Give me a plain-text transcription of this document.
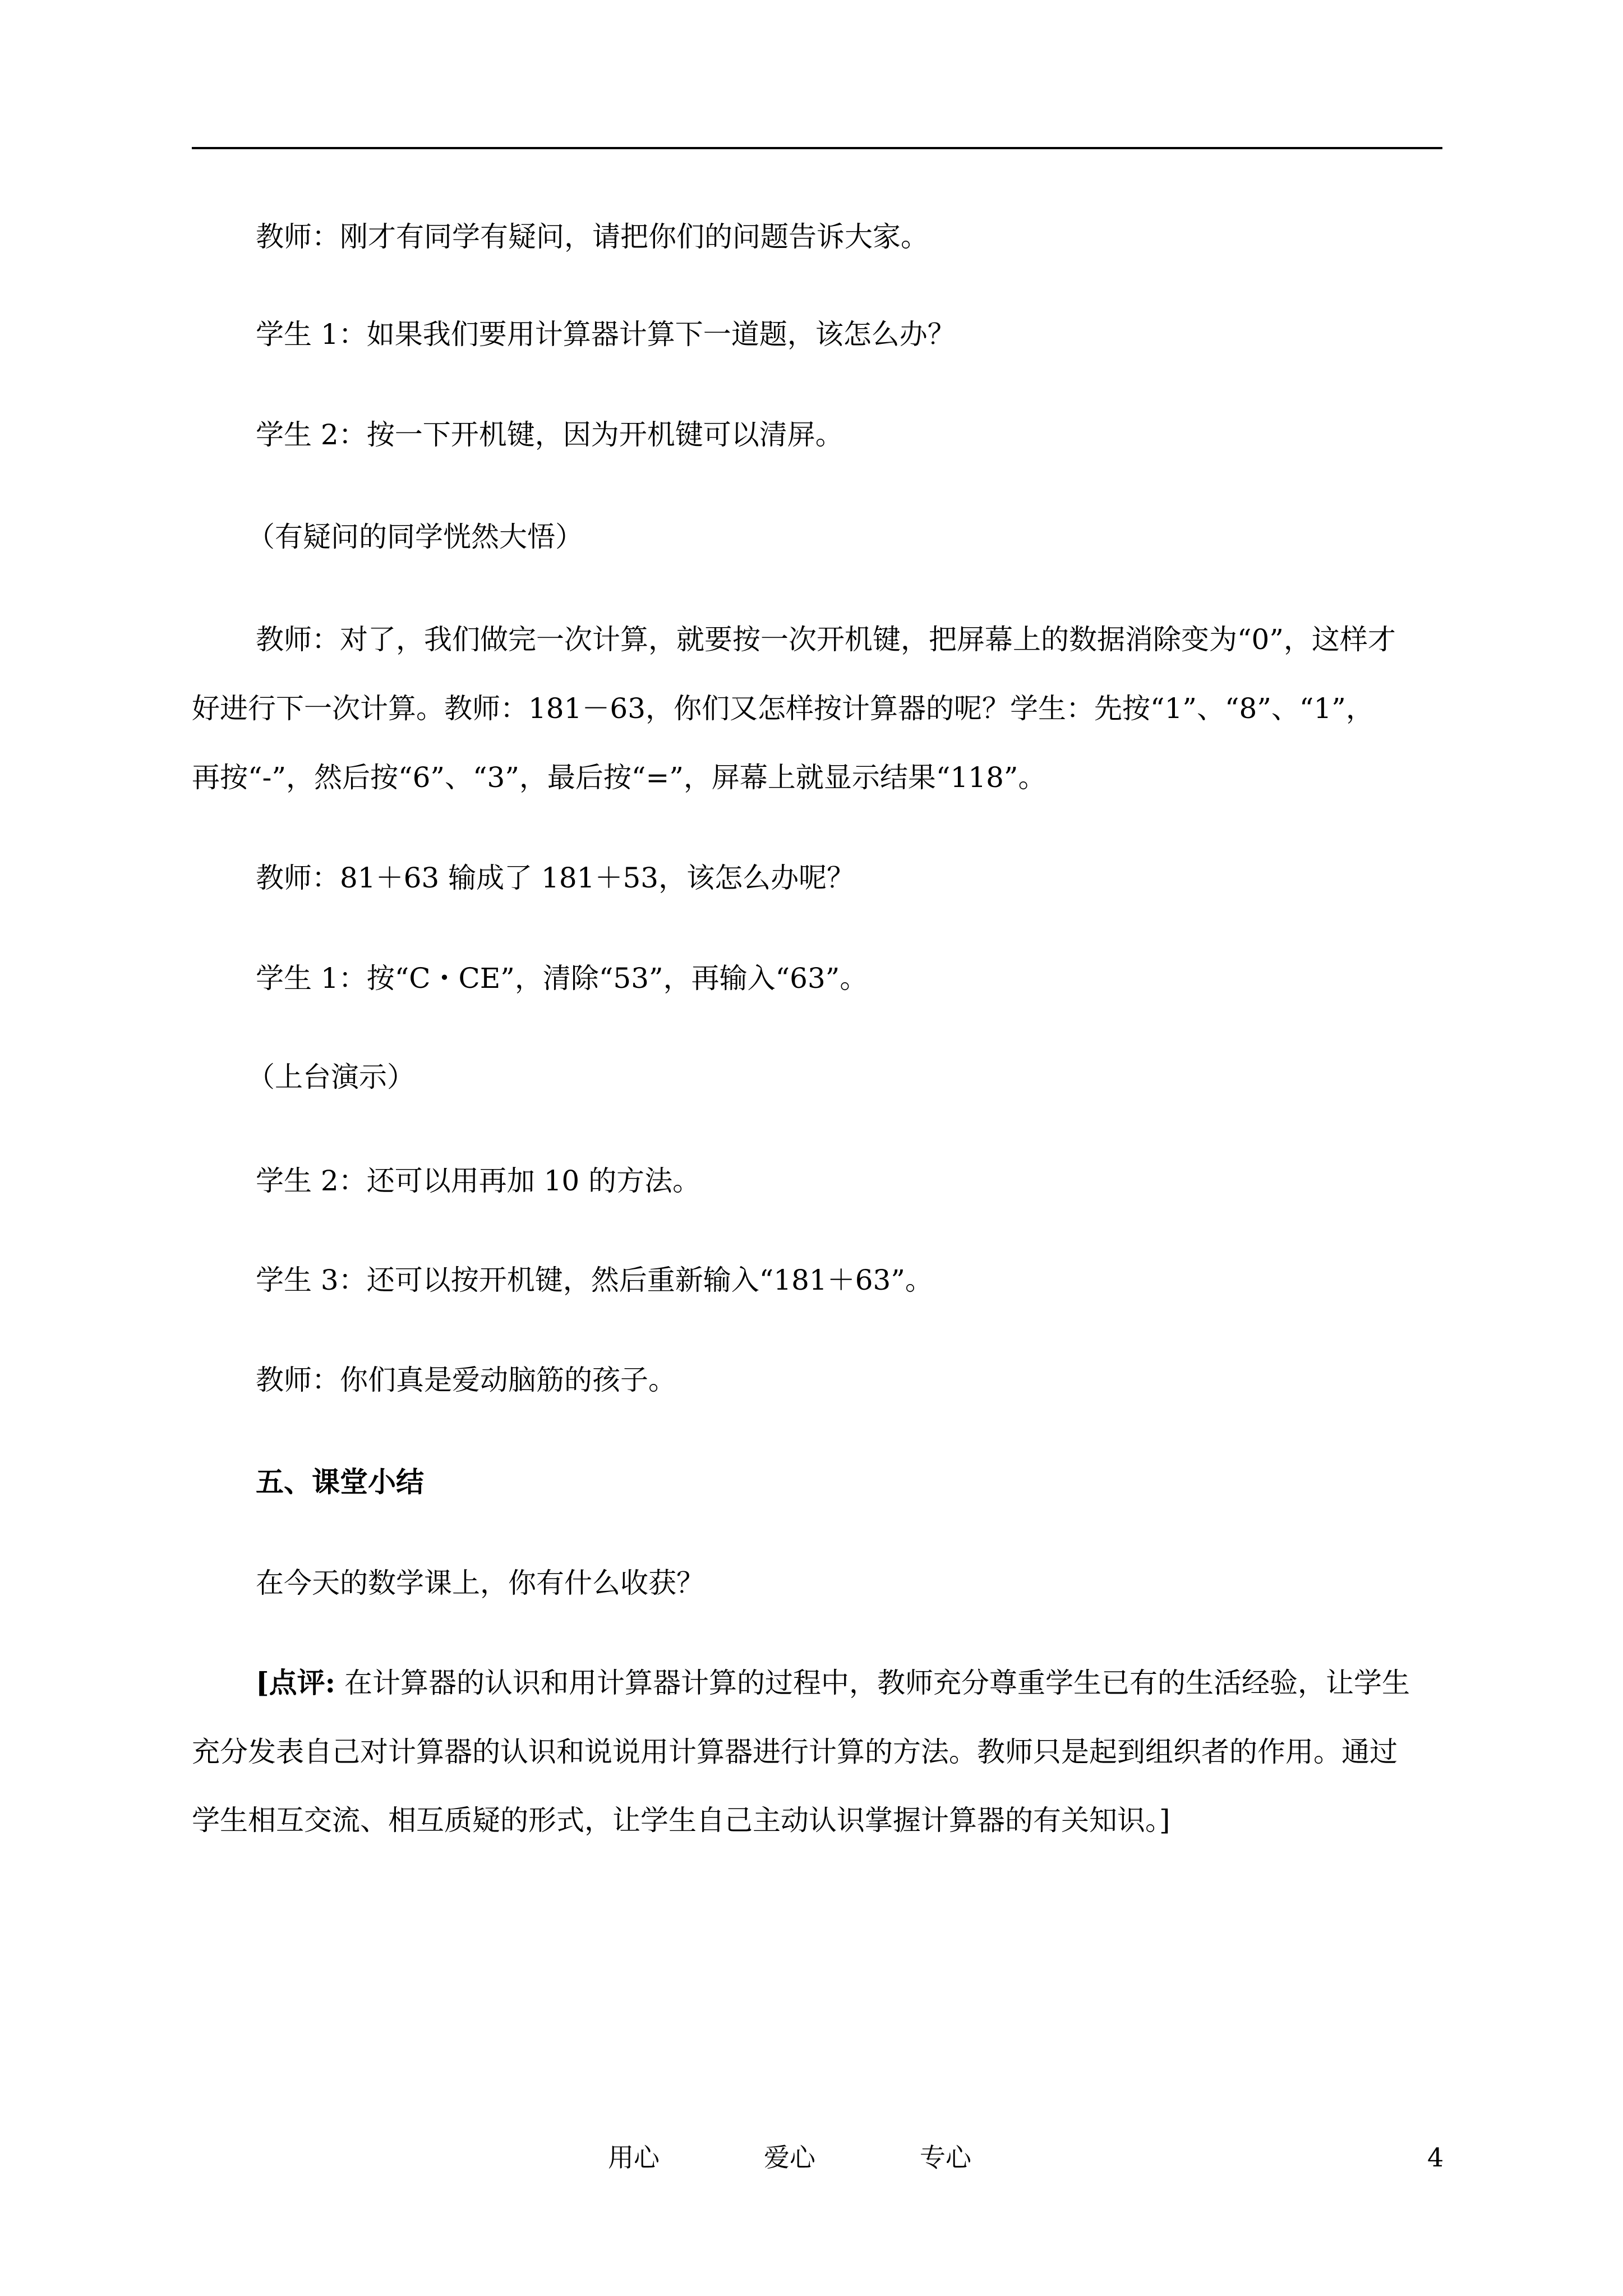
教师：刚才有同学有疑问，请把你们的问题告诉大家。

学生 1：如果我们要用计算器计算下一道题，该怎么办？

学生 2：按一下开机键，因为开机键可以清屏。

（有疑问的同学恍然大悟）

教师：对了，我们做完一次计算，就要按一次开机键，把屏幕上的数据消除变为“0”，这样才

好进行下一次计算。教师：181－63，你们又怎样按计算器的呢？学生：先按“1”、“8”、“1”，

再按“-”，然后按“6”、“3”，最后按“=”，屏幕上就显示结果“118”。

教师：81＋63 输成了 181＋53，该怎么办呢？

学生 1：按“C・CE”，清除“53”，再输入“63”。

（上台演示）

学生 2：还可以用再加 10 的方法。

学生 3：还可以按开机键，然后重新输入“181＋63”。

教师：你们真是爱动脑筋的孩子。

五、课堂小结

在今天的数学课上，你有什么收获？

[点评: 在计算器的认识和用计算器计算的过程中，教师充分尊重学生已有的生活经验，让学生

充分发表自己对计算器的认识和说说用计算器进行计算的方法。教师只是起到组织者的作用。通过

学生相互交流、相互质疑的形式，让学生自己主动认识掌握计算器的有关知识。]

用心	爱心	专心	4
